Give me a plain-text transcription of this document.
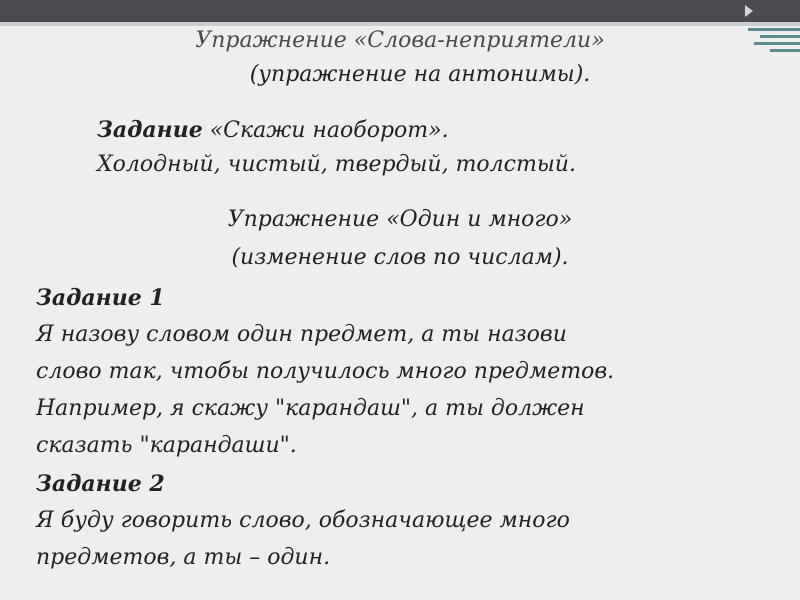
Упражнение «Слова-неприятели»
(упражнение на антонимы).
Задание «Скажи наоборот».
Холодный, чистый, твердый, толстый.
Упражнение «Один и много»
(изменение слов по числам).
Задание 1
Я назову словом один предмет, а ты назови
слово так, чтобы получилось много предметов.
Например, я скажу "карандаш", а ты должен
сказать "карандаши".
Задание 2
Я буду говорить слово, обозначающее много
предметов, а ты – один.
